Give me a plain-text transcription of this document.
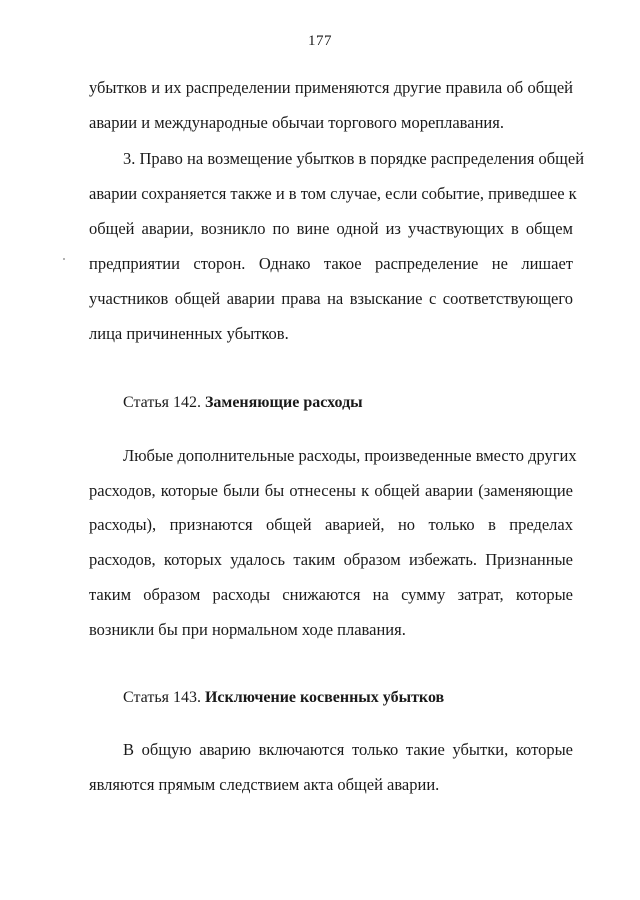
177
убытков и их распределении применяются другие правила об общей
аварии и международные обычаи торгового мореплавания.
3. Право на возмещение убытков в порядке распределения общей
аварии сохраняется также и в том случае, если событие, приведшее к
общей аварии, возникло по вине одной из участвующих в общем
предприятии сторон. Однако такое распределение не лишает
участников общей аварии права на взыскание с соответствующего
лица причиненных убытков.
Статья 142. Заменяющие расходы
Любые дополнительные расходы, произведенные вместо других
расходов, которые были бы отнесены к общей аварии (заменяющие
расходы), признаются общей аварией, но только в пределах
расходов, которых удалось таким образом избежать. Признанные
таким образом расходы снижаются на сумму затрат, которые
возникли бы при нормальном ходе плавания.
Статья 143. Исключение косвенных убытков
В общую аварию включаются только такие убытки, которые
являются прямым следствием акта общей аварии.
